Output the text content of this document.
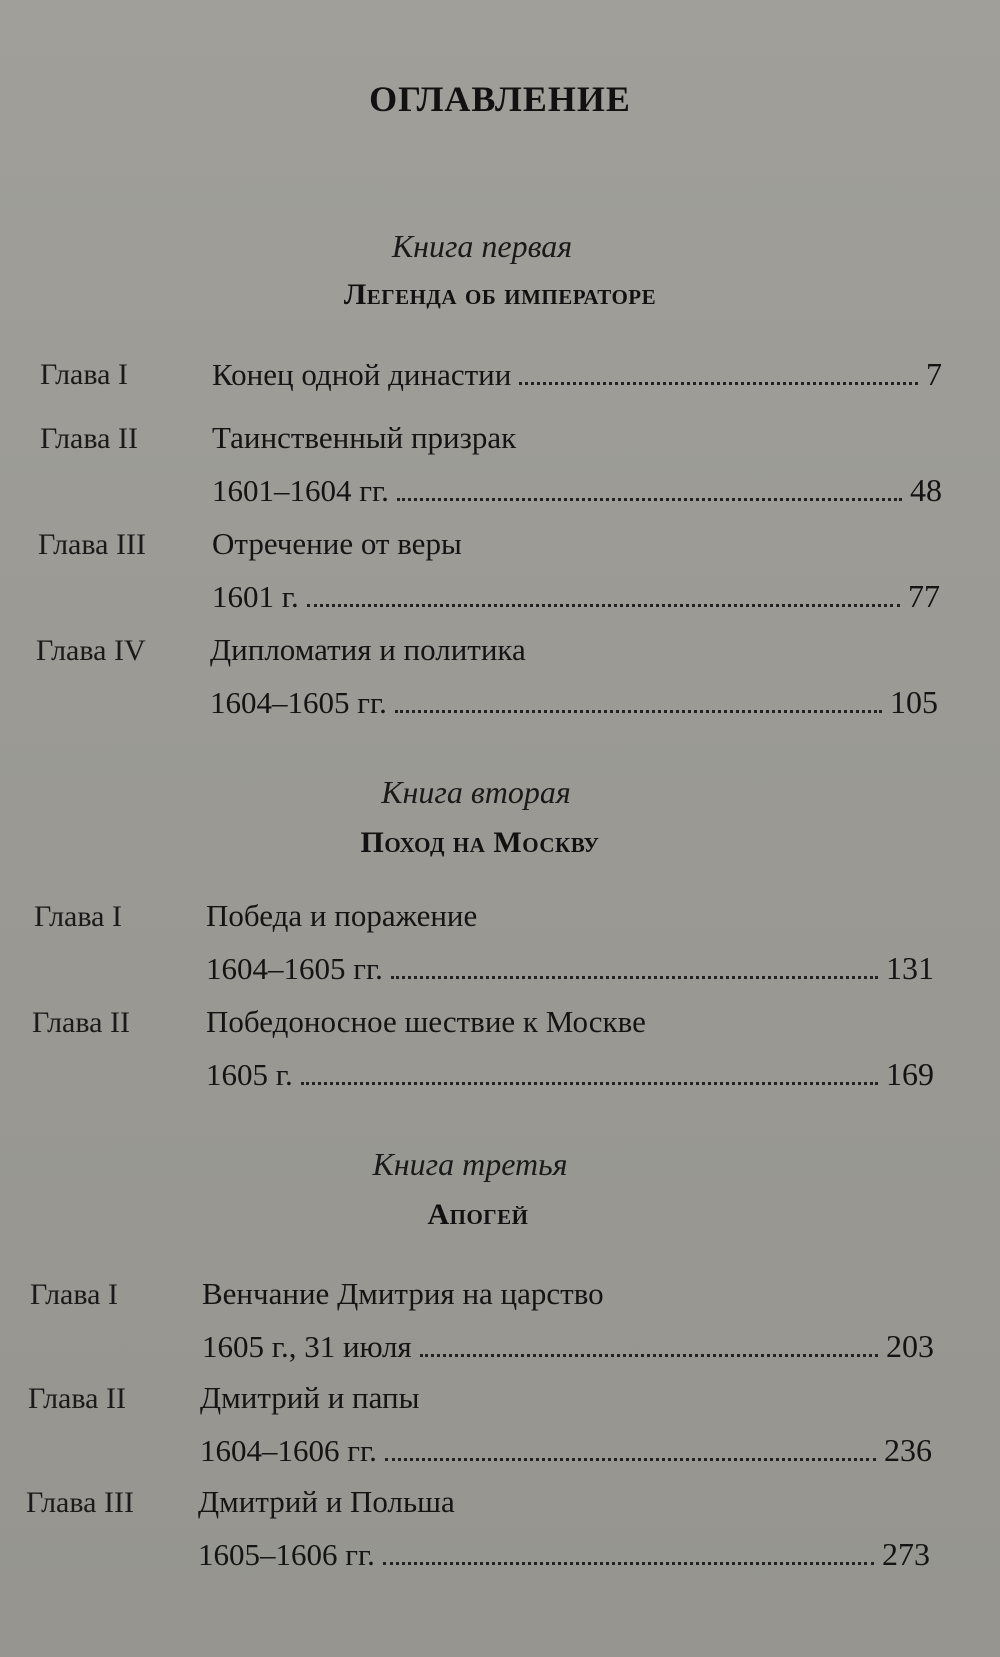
ОГЛАВЛЕНИЕ
Книга первая
Легенда об императоре
Глава I	Конец одной династии	7
Глава II Таинственный призрак
1601–1604 гг.	48
Глава III Отречение от веры
1601 г.	77
Глава IV Дипломатия и политика
1604–1605 гг.	105
Книга вторая
Поход на Москву
Глава I	Победа и поражение
1604–1605 гг.	131
Глава II Победоносное шествие к Москве
1605 г.	169
Книга третья
Апогей
Глава I	Венчание Дмитрия на царство
1605 г., 31 июля	203
Глава II Дмитрий и папы
1604–1606 гг.	236
Глава III Дмитрий и Польша
1605–1606 гг.	273
